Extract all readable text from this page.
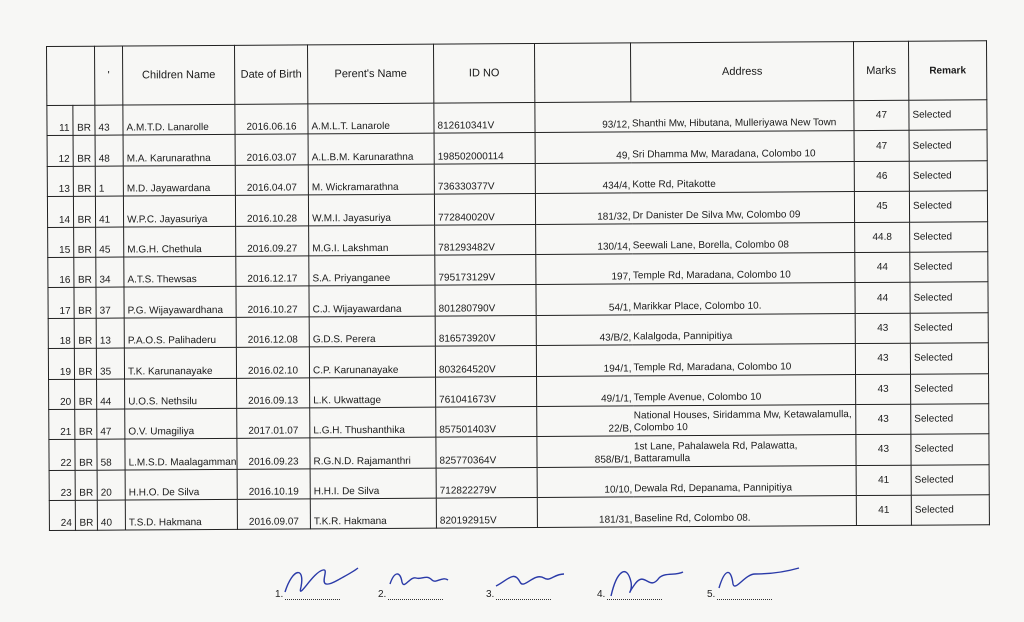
		'	Children Name	Date of Birth	Perent's Name	ID NO		Address	Marks	Remark
11	BR	43	A.M.T.D. Lanarolle	2016.06.16	A.M.L.T. Lanarole	812610341V	93/12,	Shanthi Mw, Hibutana, Mulleriyawa New Town	47	Selected
12	BR	48	M.A. Karunarathna	2016.03.07	A.L.B.M. Karunarathna	198502000114	49,	Sri Dhamma Mw, Maradana, Colombo 10	47	Selected
13	BR	1	M.D. Jayawardana	2016.04.07	M. Wickramarathna	736330377V	434/4,	Kotte Rd, Pitakotte	46	Selected
14	BR	41	W.P.C. Jayasuriya	2016.10.28	W.M.I. Jayasuriya	772840020V	181/32,	Dr Danister De Silva Mw, Colombo 09	45	Selected
15	BR	45	M.G.H. Chethula	2016.09.27	M.G.I. Lakshman	781293482V	130/14,	Seewali Lane, Borella, Colombo 08	44.8	Selected
16	BR	34	A.T.S. Thewsas	2016.12.17	S.A. Priyanganee	795173129V	197,	Temple Rd, Maradana, Colombo 10	44	Selected
17	BR	37	P.G. Wijayawardhana	2016.10.27	C.J. Wijayawardana	801280790V	54/1,	Marikkar Place, Colombo 10.	44	Selected
18	BR	13	P.A.O.S. Palihaderu	2016.12.08	G.D.S. Perera	816573920V	43/B/2,	Kalalgoda, Pannipitiya	43	Selected
19	BR	35	T.K. Karunanayake	2016.02.10	C.P. Karunanayake	803264520V	194/1,	Temple Rd, Maradana, Colombo 10	43	Selected
20	BR	44	U.O.S. Nethsilu	2016.09.13	L.K. Ukwattage	761041673V	49/1/1,	Temple Avenue, Colombo 10	43	Selected
21	BR	47	O.V. Umagiliya	2017.01.07	L.G.H. Thushanthika	857501403V	22/B,	National Houses, Siridamma Mw, Ketawalamulla, Colombo 10	43	Selected
22	BR	58	L.M.S.D. Maalagamman	2016.09.23	R.G.N.D. Rajamanthri	825770364V	858/B/1,	1st Lane, Pahalawela Rd, Palawatta, Battaramulla	43	Selected
23	BR	20	H.H.O. De Silva	2016.10.19	H.H.I. De Silva	712822279V	10/10,	Dewala Rd, Depanama, Pannipitiya	41	Selected
24	BR	40	T.S.D. Hakmana	2016.09.07	T.K.R. Hakmana	820192915V	181/31,	Baseline Rd, Colombo 08.	41	Selected
1.	2.	3.	4.	5.
